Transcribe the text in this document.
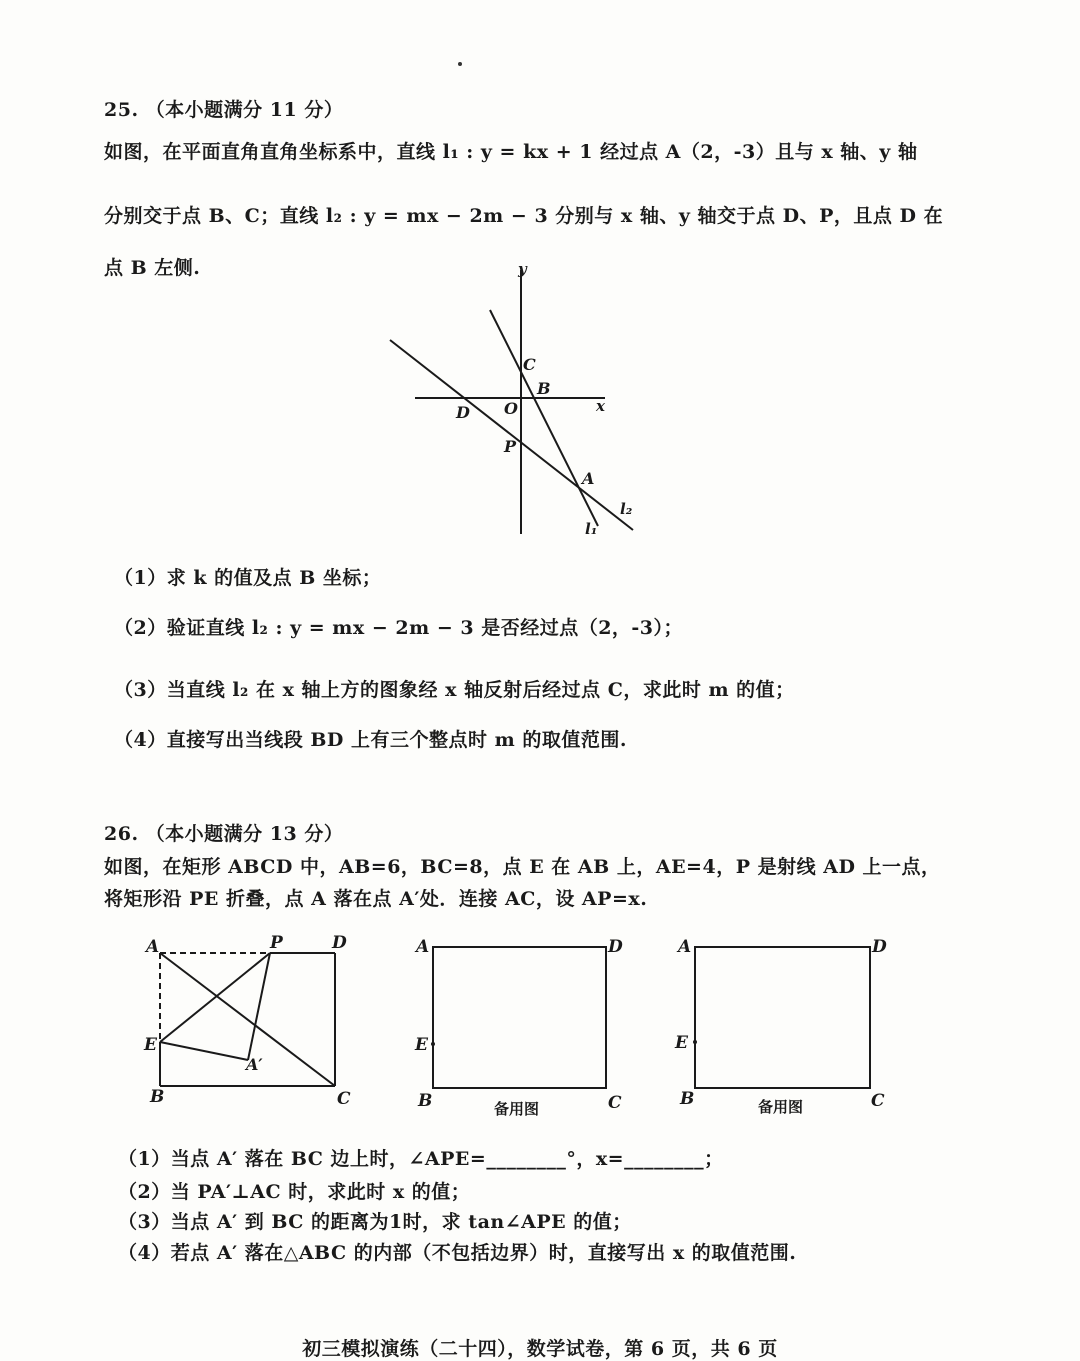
25. （本小题满分 11 分）
如图，在平面直角直角坐标系中，直线 l₁ : y = kx + 1 经过点 A（2，-3）且与 x 轴、y 轴
分别交于点 B、C；直线 l₂ : y = mx − 2m − 3 分别与 x 轴、y 轴交于点 D、P，且点 D 在
点 B 左侧.	y
x
C
B
O
D
P
A
l₁
l₂
（1）求 k 的值及点 B 坐标；
（2）验证直线 l₂ : y = mx − 2m − 3 是否经过点（2，-3）；
（3）当直线 l₂ 在 x 轴上方的图象经 x 轴反射后经过点 C，求此时 m 的值；
（4）直接写出当线段 BD 上有三个整点时 m 的取值范围.
26. （本小题满分 13 分）
如图，在矩形 ABCD 中，AB=6，BC=8，点 E 在 AB 上，AE=4，P 是射线 AD 上一点，
将矩形沿 PE 折叠，点 A 落在点 A′处．连接 AC，设 AP=x.
A	P	D
E
A′
B	C
A	D
E
B	C
备用图
A	D
E
B	C
备用图
（1）当点 A′ 落在 BC 边上时，∠APE=________°，x=________；
（2）当 PA′⊥AC 时，求此时 x 的值；
（3）当点 A′ 到 BC 的距离为1时，求 tan∠APE 的值；
（4）若点 A′ 落在△ABC 的内部（不包括边界）时，直接写出 x 的取值范围.
初三模拟演练（二十四），数学试卷，第 6 页，共 6 页
